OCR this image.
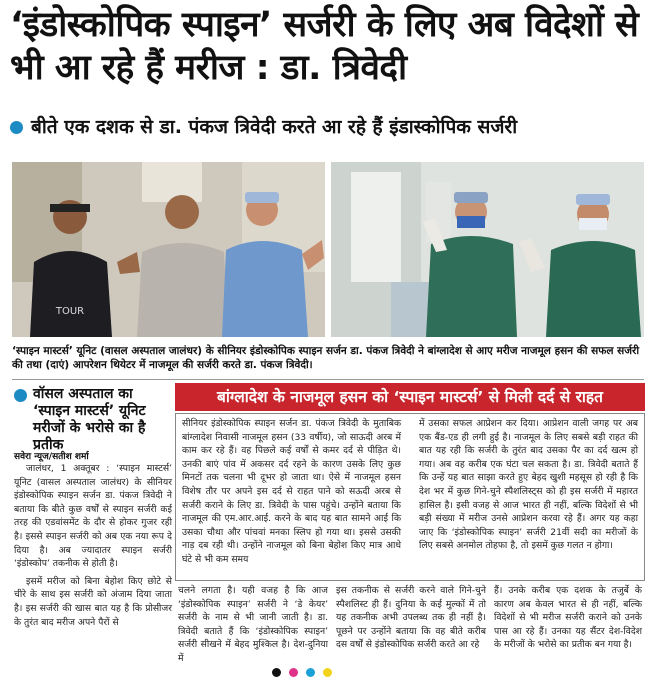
‘इंडोस्कोपिक स्पाइन’ सर्जरी के लिए अब विदेशों से भी आ रहे हैं मरीज : डा. त्रिवेदी
बीते एक दशक से डा. पंकज त्रिवेदी करते आ रहे हैं इंडास्कोपिक सर्जरी
TOUR
‘स्पाइन मास्टर्स’ यूनिट (वासल अस्पताल जालंधर) के सीनियर इंडोस्कोपिक स्पाइन सर्जन डा. पंकज त्रिवेदी ने बांग्लादेश से आए मरीज नाजमूल हसन की सफल सर्जरी की तथा (दाएं) आपरेशन थियेटर में नाजमूल की सर्जरी करते डा. पंकज त्रिवेदी।
वॉसल अस्पताल का ‘स्पाइन मास्टर्स’ यूनिट मरीजों के भरोसे का है प्रतीक
सवेरा न्यूज/सतीश शर्मा

जालंधर, 1 अक्तूबर : ‘स्पाइन मास्टर्स’ यूनिट (वासल अस्पताल जालंधर) के सीनियर इंडोस्कोपिक स्पाइन सर्जन डा. पंकज त्रिवेदी ने बताया कि बीते कुछ वर्षों से स्पाइन सर्जरी कई तरह की एडवांसमेंट के दौर से होकर गुजर रही है। इससे स्पाइन सर्जरी को अब एक नया रूप दे दिया है। अब ज्यादातर स्पाइन सर्जरी ‘इंडोस्कोप’ तकनीक से होती है।

इसमें मरीज को बिना बेहोश किए छोटे से चीरे के साथ इस सर्जरी को अंजाम दिया जाता है। इस सर्जरी की खास बात यह है कि प्रोसीजर के तुरंत बाद मरीज अपने पैरों से

बांग्लादेश के नाजमूल हसन को ‘स्पाइन मास्टर्स’ से मिली दर्द से राहत
सीनियर इंडोस्कोपिक स्पाइन सर्जन डा. पंकज त्रिवेदी के मुताबिक बांग्लादेश निवासी नाजमूल हसन (33 वर्षीय), जो साऊदी अरब में काम कर रहे हैं। वह पिछले कई वर्षों से कमर दर्द से पीड़ित थे। उनकी बाएं पांव में अकसर दर्द रहने के कारण उसके लिए कुछ मिनटों तक चलना भी दूभर हो जाता था। ऐसे में नाजमूल हसन विशेष तौर पर अपने इस दर्द से राहत पाने को सऊदी अरब से सर्जरी कराने के लिए डा. त्रिवेदी के पास पहुंचे। उन्होंने बताया कि नाजमूल की एम.आर.आई. करने के बाद यह बात सामने आई कि उसका चौथा और पांचवां मनका स्लिप हो गया था। इससे उसकी नाड़ दब रही थी। उन्होंने नाजमूल को बिना बेहोश किए मात्र आधे घंटे से भी कम समय
में उसका सफल आप्रेशन कर दिया। आप्रेशन वाली जगह पर अब एक बैंड-एड ही लगी हुई है। नाजमूल के लिए सबसे बड़ी राहत की बात यह रही कि सर्जरी के तुरंत बाद उसका पैर का दर्द खत्म हो गया। अब वह करीब एक घंटा चल सकता है। डा. त्रिवेदी बताते हैं कि उन्हें यह बात साझा करते हुए बेहद खुशी महसूस हो रही है कि देश भर में कुछ गिने-चुने स्पैशलिस्ट्स को ही इस सर्जरी में महारत हासिल है। इसी वजह से आज भारत ही नहीं, बल्कि विदेशों से भी बड़ी संख्या में मरीज उनसे आप्रेशन करवा रहे हैं। अगर यह कहा जाए कि ‘इंडोस्कोपिक स्पाइन’ सर्जरी 21वीं सदी का मरीजों के लिए सबसे अनमोल तोहफा है, तो इसमें कुछ गलत न होगा।
चलने लगता है। यही वजह है कि आज ‘इंडोस्कोपिक स्पाइन’ सर्जरी ने ‘डे केयर’ सर्जरी के नाम से भी जानी जाती है। डा. त्रिवेदी बताते हैं कि ‘इंडोस्कोपिक स्पाइन’ सर्जरी सीखने में बेहद मुश्किल है। देश-दुनिया में
इस तकनीक से सर्जरी करने वाले गिने-चुने स्पैशलिस्ट ही हैं। दुनिया के कई मुल्कों में तो यह तकनीक अभी उपलब्ध तक ही नहीं है। पूछने पर उन्होंने बताया कि वह बीते करीब दस वर्षों से इंडोस्कोपिक सर्जरी करते आ रहे
हैं। उनके करीब एक दशक के तजुर्बे के कारण अब केवल भारत से ही नहीं, बल्कि विदेशों से भी मरीज सर्जरी कराने को उनके पास आ रहे हैं। उनका यह सैंटर देश-विदेश के मरीजों के भरोसे का प्रतीक बन गया है।
